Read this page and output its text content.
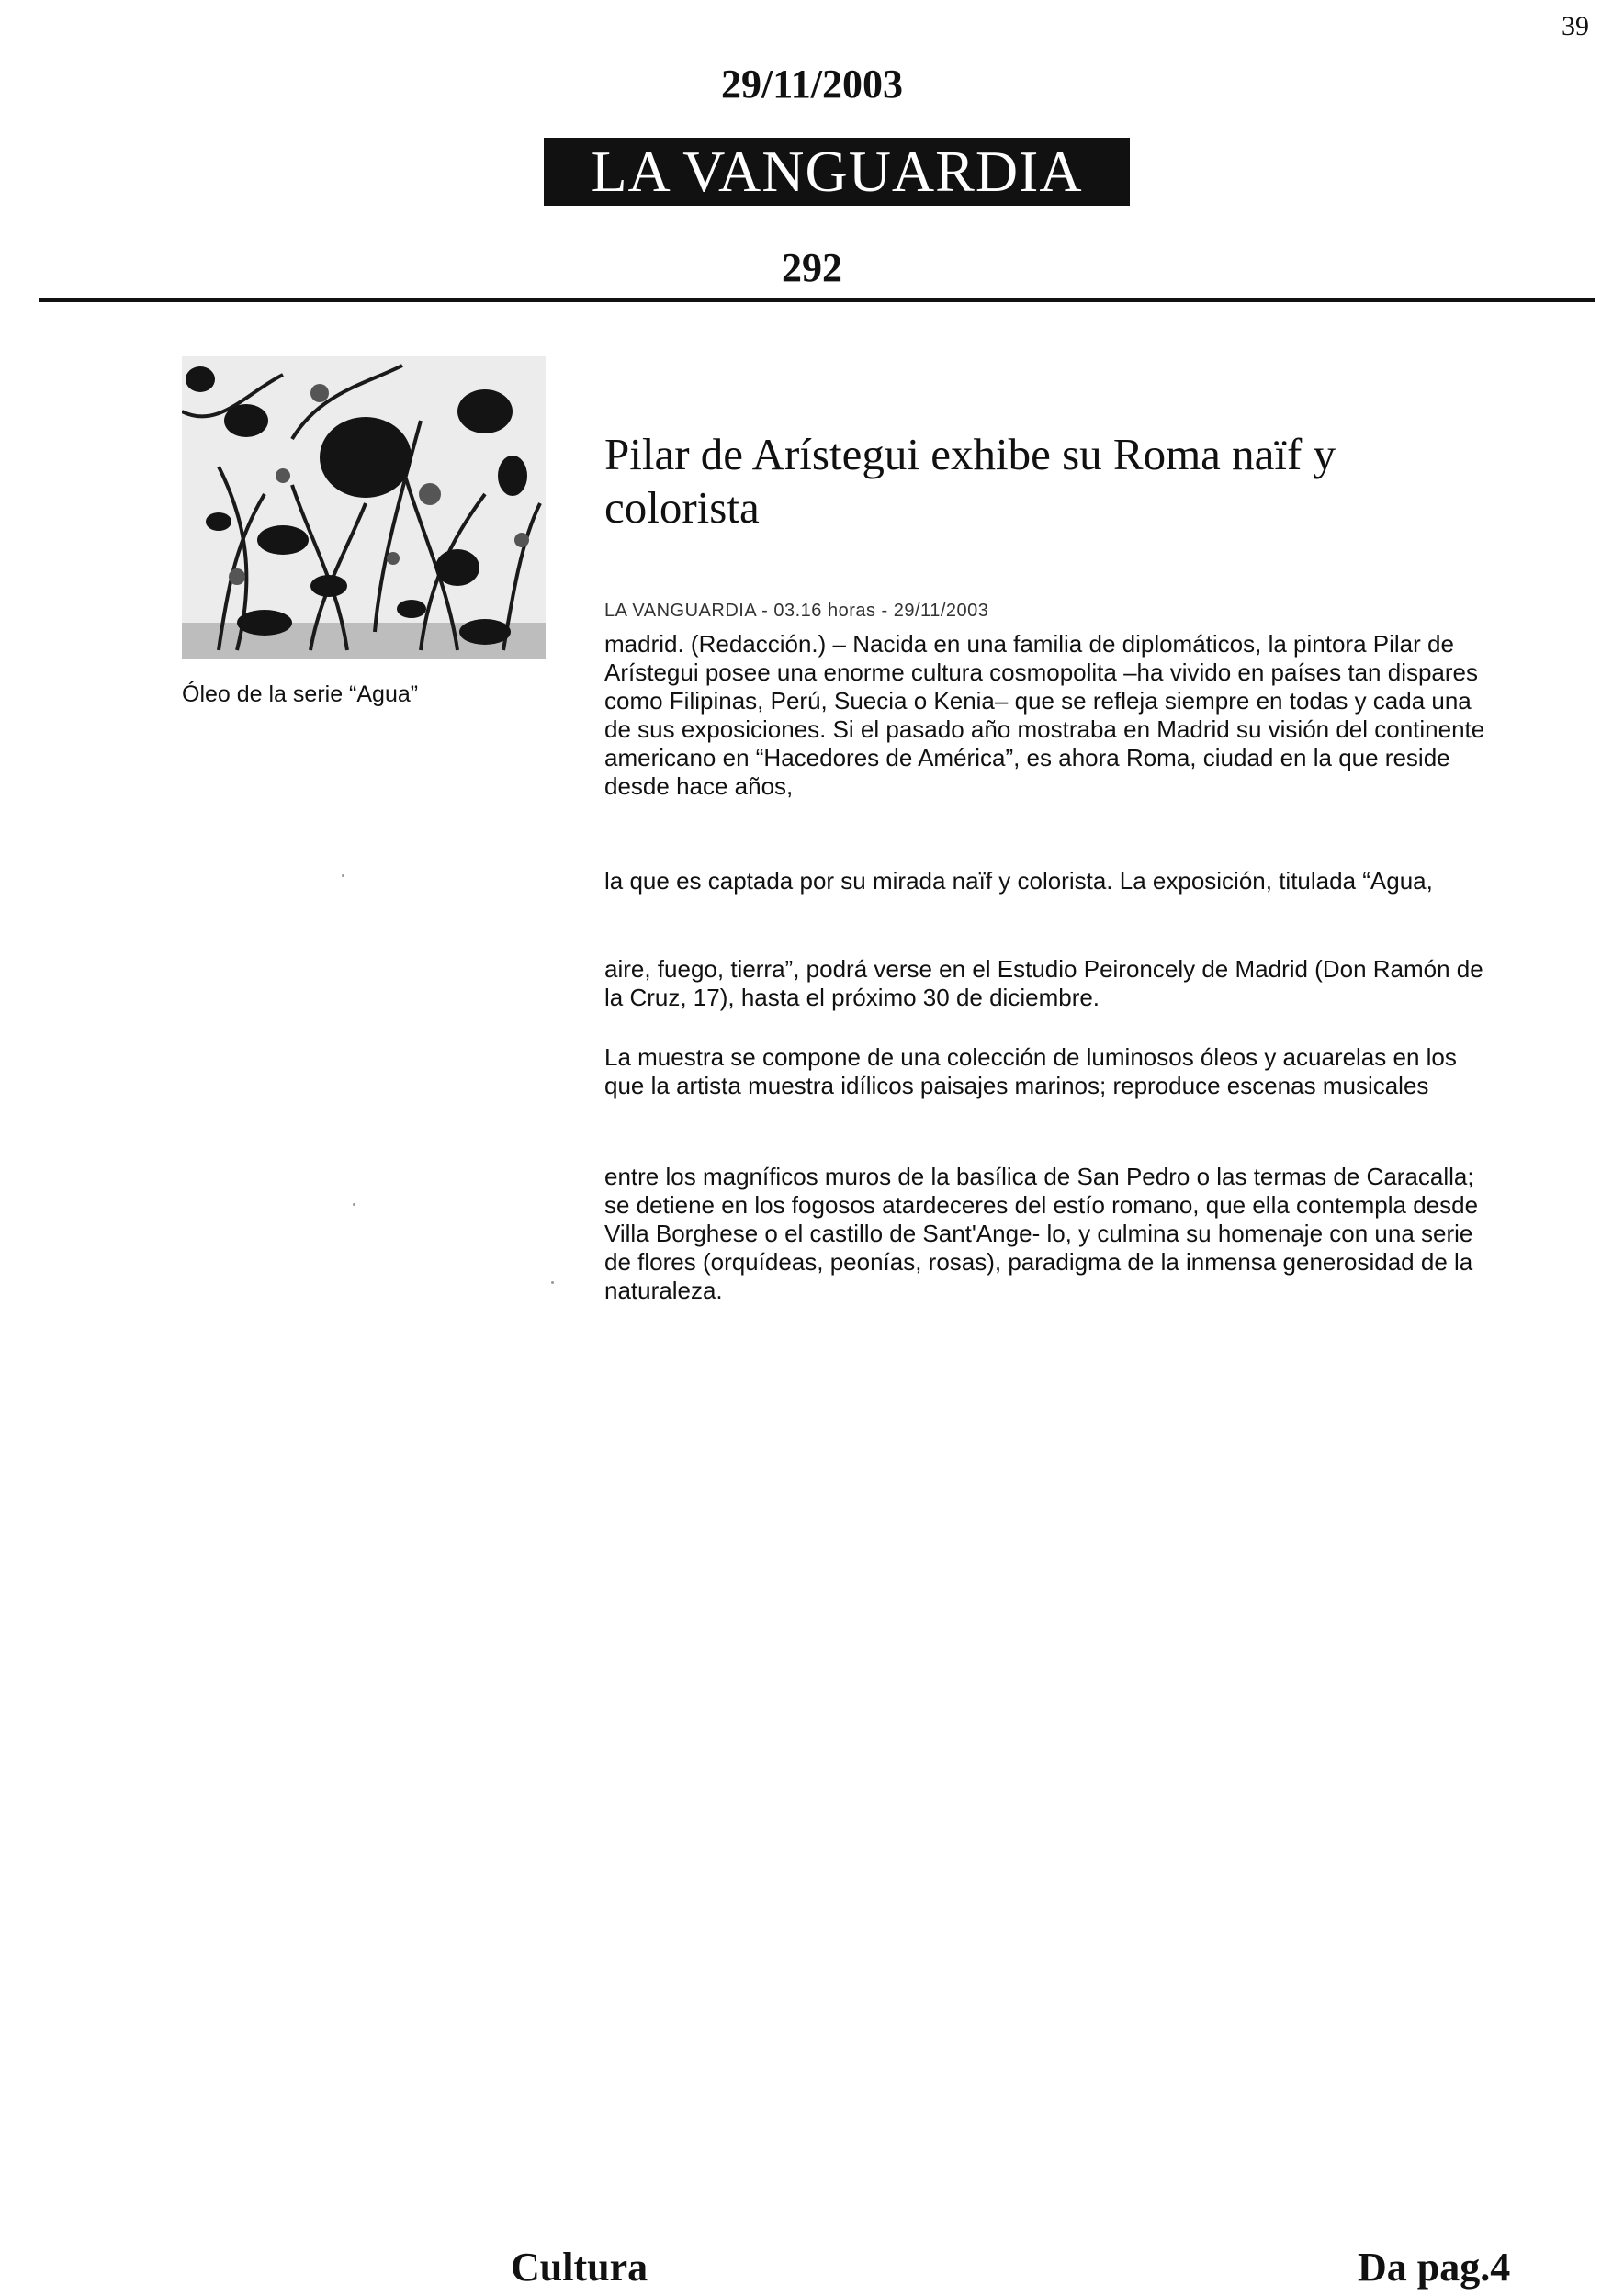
39
29/11/2003
LA VANGUARDIA
292
Óleo de la serie “Agua”
Pilar de Arístegui exhibe su Roma naïf y colorista
LA VANGUARDIA - 03.16 horas - 29/11/2003
madrid. (Redacción.) – Nacida en una familia de diplomáticos, la pintora Pilar de Arístegui posee una enorme cultura cosmopolita –ha vivido en países tan dispares como Filipinas, Perú, Suecia o Kenia– que se refleja siempre en todas y cada una de sus exposiciones. Si el pasado año mostraba en Madrid su visión del continente americano en “Hacedores de América”, es ahora Roma, ciudad en la que reside desde hace años,
la que es captada por su mirada naïf y colorista. La exposición, titulada “Agua,
aire, fuego, tierra”, podrá verse en el Estudio Peironcely de Madrid (Don Ramón de la Cruz, 17), hasta el próximo 30 de diciembre.
La muestra se compone de una colección de luminosos óleos y acuarelas en los que la artista muestra idílicos paisajes marinos; reproduce escenas musicales
entre los magníficos muros de la basílica de San Pedro o las termas de Caracalla; se detiene en los fogosos atardeceres del estío romano, que ella contempla desde Villa Borghese o el castillo de Sant'Ange- lo, y culmina su homenaje con una serie de flores (orquídeas, peonías, rosas), paradigma de la inmensa generosidad de la naturaleza.
Cultura	Da pag.4
